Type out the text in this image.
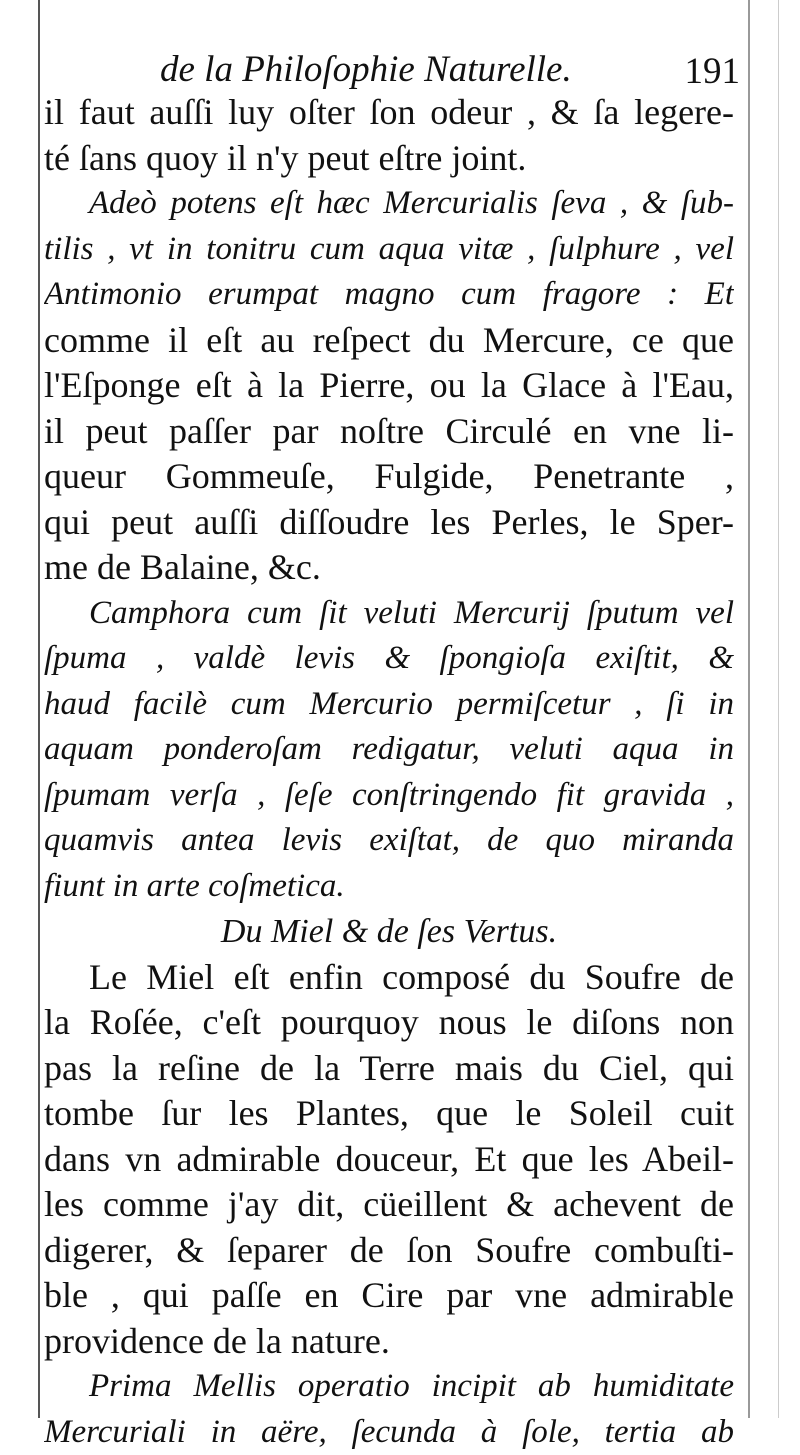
de la Philoſophie Naturelle.	191
il faut auſſi luy oſter ſon odeur , & ſa legere-
té ſans quoy il n'y peut eſtre joint.
Adeò potens eſt hæc Mercurialis ſeva , & ſub-
tilis , vt in tonitru cum aqua vitæ , ſulphure , vel
Antimonio erumpat magno cum fragore : Et
comme il eſt au reſpect du Mercure, ce que
l'Eſponge eſt à la Pierre, ou la Glace à l'Eau,
il peut paſſer par noſtre Circulé en vne li-
queur Gommeuſe, Fulgide, Penetrante ,
qui peut auſſi diſſoudre les Perles, le Sper-
me de Balaine, &c.
Camphora cum ſit veluti Mercurij ſputum vel
ſpuma , valdè levis & ſpongioſa exiſtit, &
haud facilè cum Mercurio permiſcetur , ſi in
aquam ponderoſam redigatur, veluti aqua in
ſpumam verſa , ſeſe conſtringendo fit gravida ,
quamvis antea levis exiſtat, de quo miranda
fiunt in arte coſmetica.
Du Miel & de ſes Vertus.
Le Miel eſt enfin composé du Soufre de
la Roſée, c'eſt pourquoy nous le diſons non
pas la reſine de la Terre mais du Ciel, qui
tombe ſur les Plantes, que le Soleil cuit
dans vn admirable douceur, Et que les Abeil-
les comme j'ay dit, cüeillent & achevent de
digerer, & ſeparer de ſon Soufre combuſti-
ble , qui paſſe en Cire par vne admirable
providence de la nature.
Prima Mellis operatio incipit ab humiditate
Mercuriali in aëre, ſecunda à ſole, tertia ab
